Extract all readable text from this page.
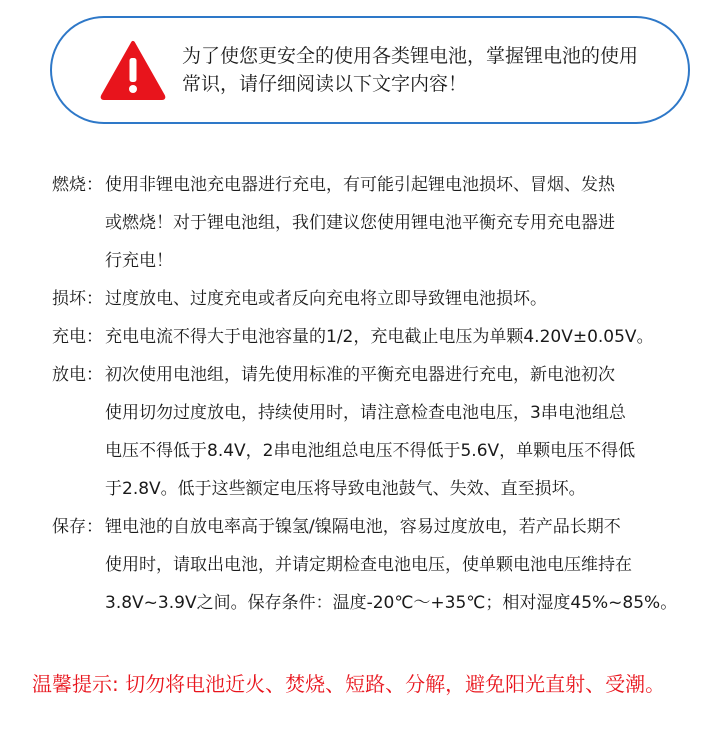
为了使您更安全的使用各类锂电池，掌握锂电池的使用
常识，请仔细阅读以下文字内容！
燃烧： 使用非锂电池充电器进行充电，有可能引起锂电池损坏、冒烟、发热
或燃烧！对于锂电池组，我们建议您使用锂电池平衡充专用充电器进
行充电！
损坏： 过度放电、过度充电或者反向充电将立即导致锂电池损坏。
充电： 充电电流不得大于电池容量的1/2，充电截止电压为单颗4.20V±0.05V。
放电： 初次使用电池组，请先使用标准的平衡充电器进行充电，新电池初次
使用切勿过度放电，持续使用时，请注意检查电池电压，3串电池组总
电压不得低于8.4V，2串电池组总电压不得低于5.6V，单颗电压不得低
于2.8V。低于这些额定电压将导致电池鼓气、失效、直至损坏。
保存： 锂电池的自放电率高于镍氢/镍隔电池，容易过度放电，若产品长期不
使用时，请取出电池，并请定期检查电池电压，使单颗电池电压维持在
3.8V~3.9V之间。保存条件：温度-20℃～+35℃；相对湿度45%~85%。
温馨提示: 切勿将电池近火、焚烧、短路、分解，避免阳光直射、受潮。
